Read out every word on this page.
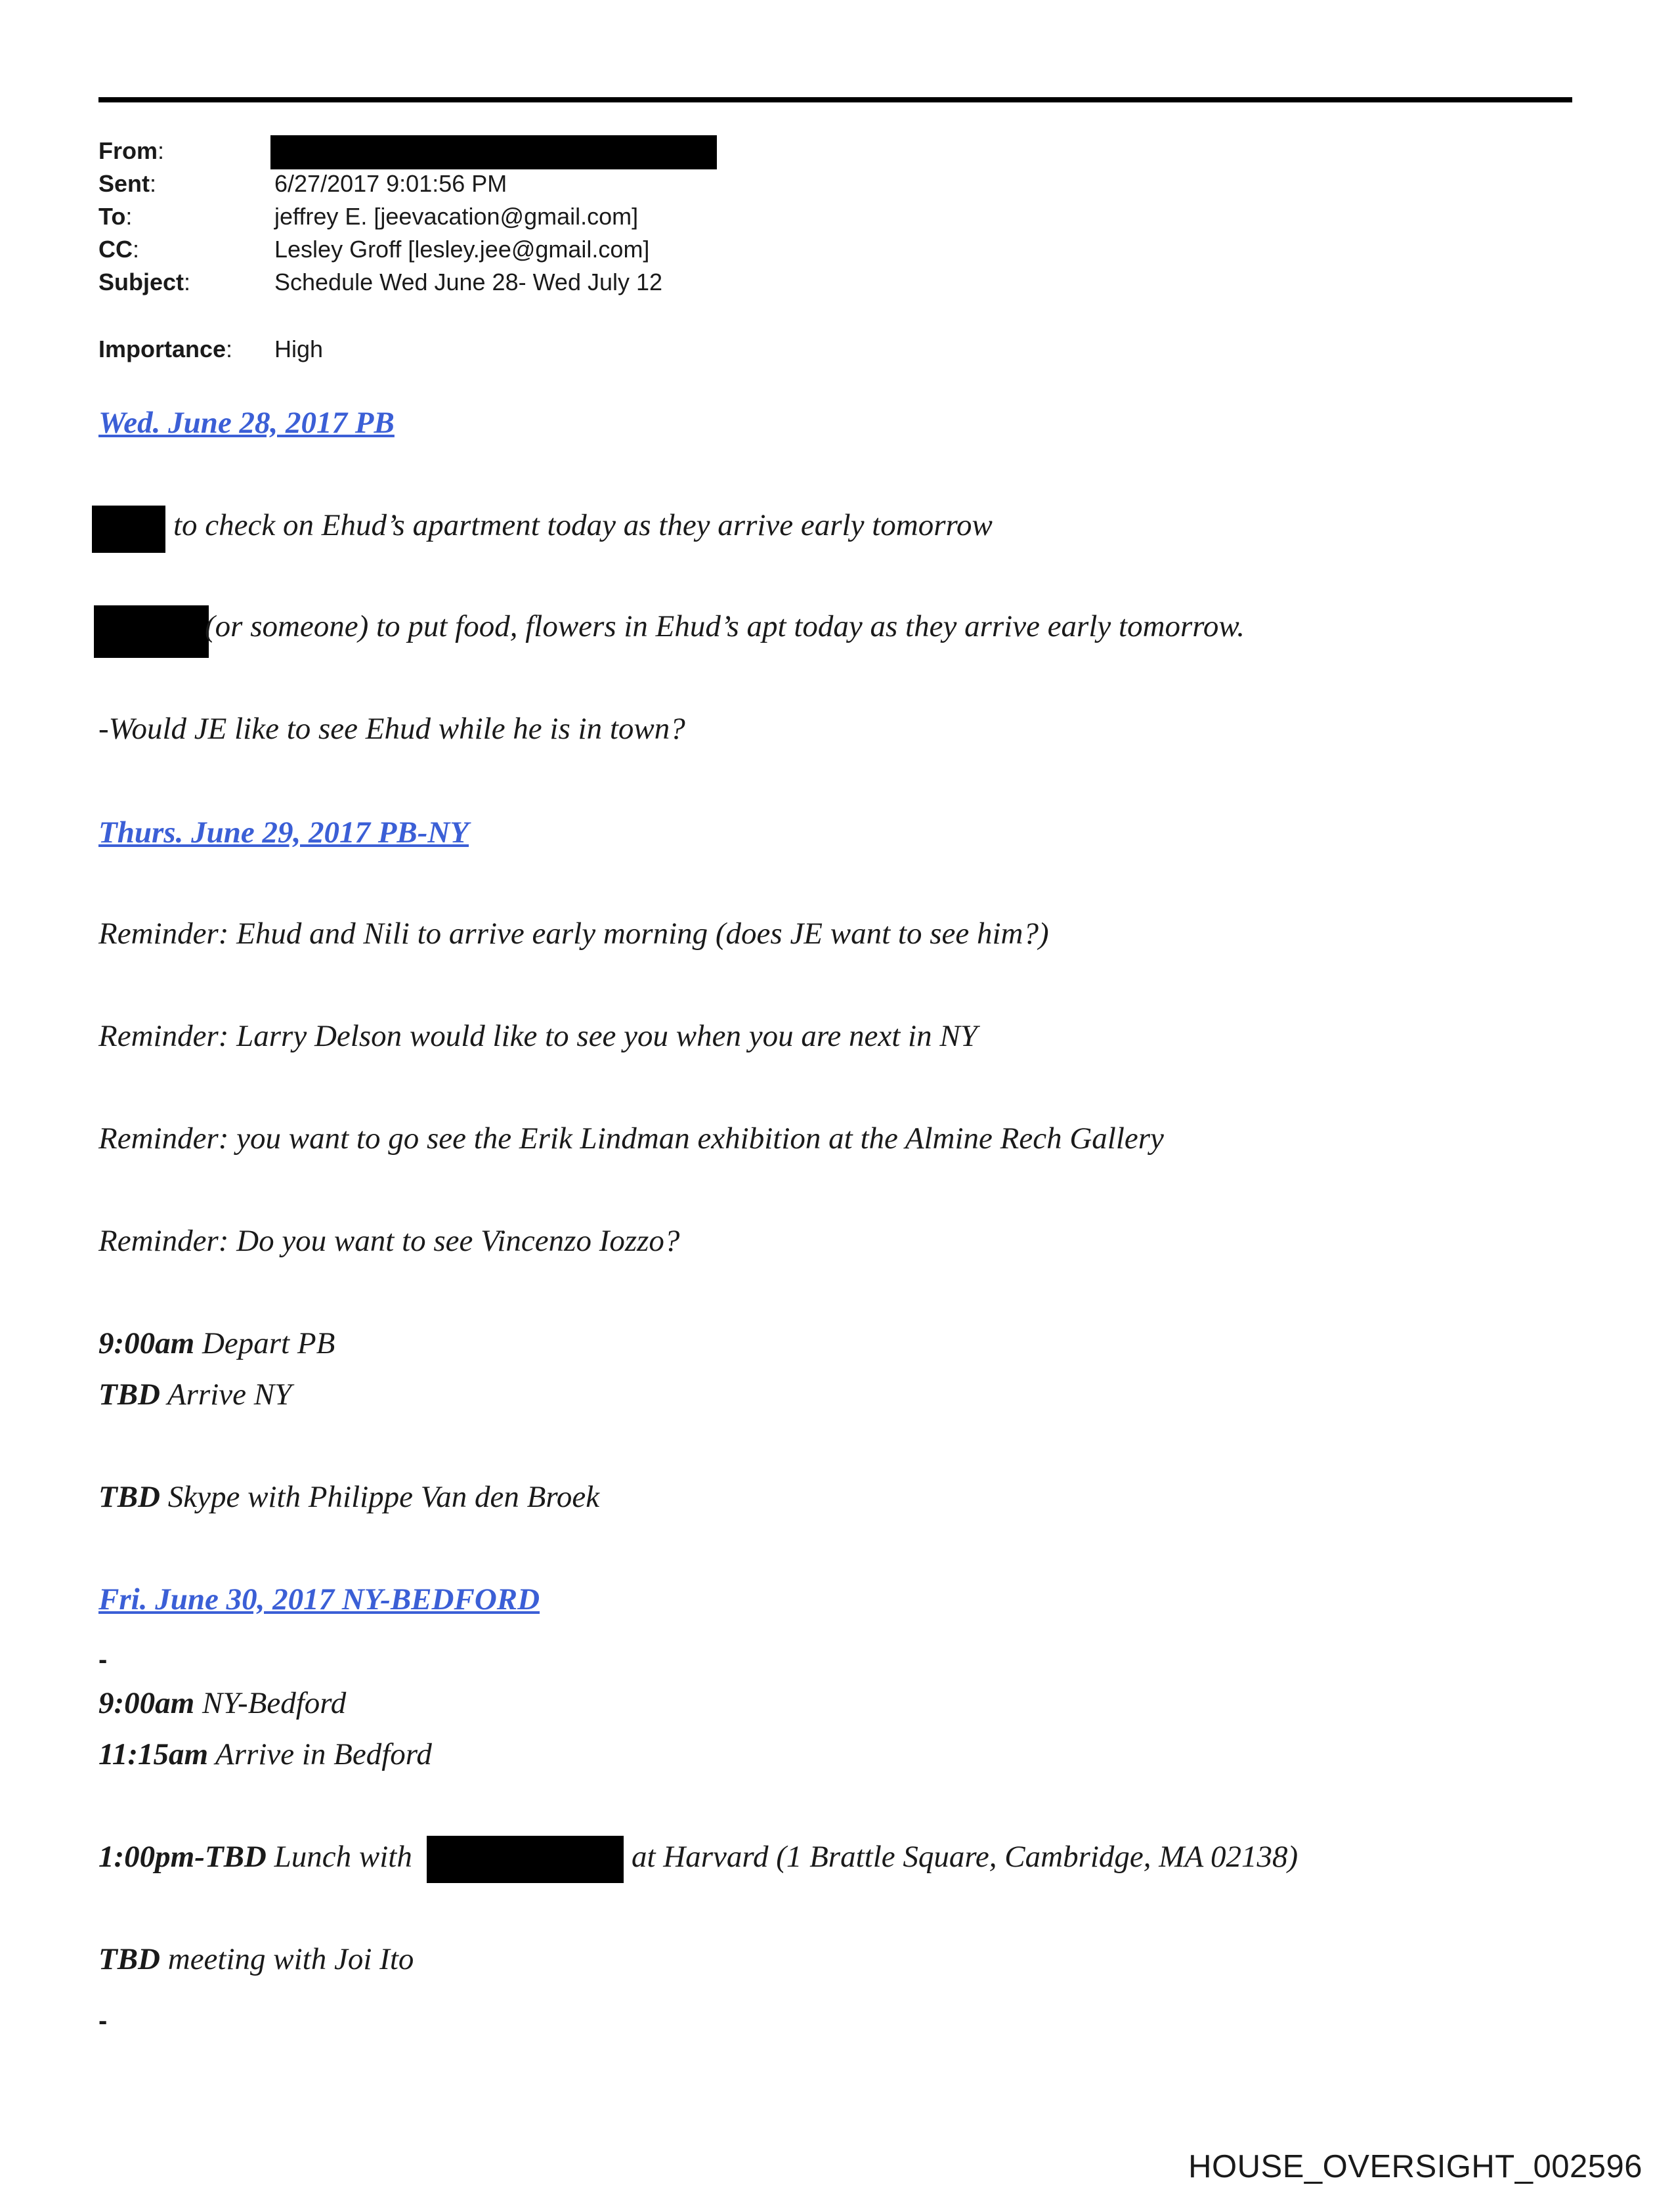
From:
Sent:	6/27/2017 9:01:56 PM
To:	jeffrey E. [jeevacation@gmail.com]
CC:	Lesley Groff [lesley.jee@gmail.com]
Subject:	Schedule Wed June 28- Wed July 12
Importance: High
Wed. June 28, 2017 PB
to check on Ehud’s apartment today as they arrive early tomorrow
(or someone) to put food, flowers in Ehud’s apt today as they arrive early tomorrow.
-Would JE like to see Ehud while he is in town?
Thurs. June 29, 2017 PB-NY
Reminder: Ehud and Nili to arrive early morning (does JE want to see him?)
Reminder: Larry Delson would like to see you when you are next in NY
Reminder: you want to go see the Erik Lindman exhibition at the Almine Rech Gallery
Reminder: Do you want to see Vincenzo Iozzo?
9:00am Depart PB
TBD Arrive NY
TBD Skype with Philippe Van den Broek
Fri. June 30, 2017 NY-BEDFORD
-
9:00am NY-Bedford
11:15am Arrive in Bedford
1:00pm-TBD Lunch with	at Harvard (1 Brattle Square, Cambridge, MA 02138)
TBD meeting with Joi Ito
-
HOUSE_OVERSIGHT_002596
